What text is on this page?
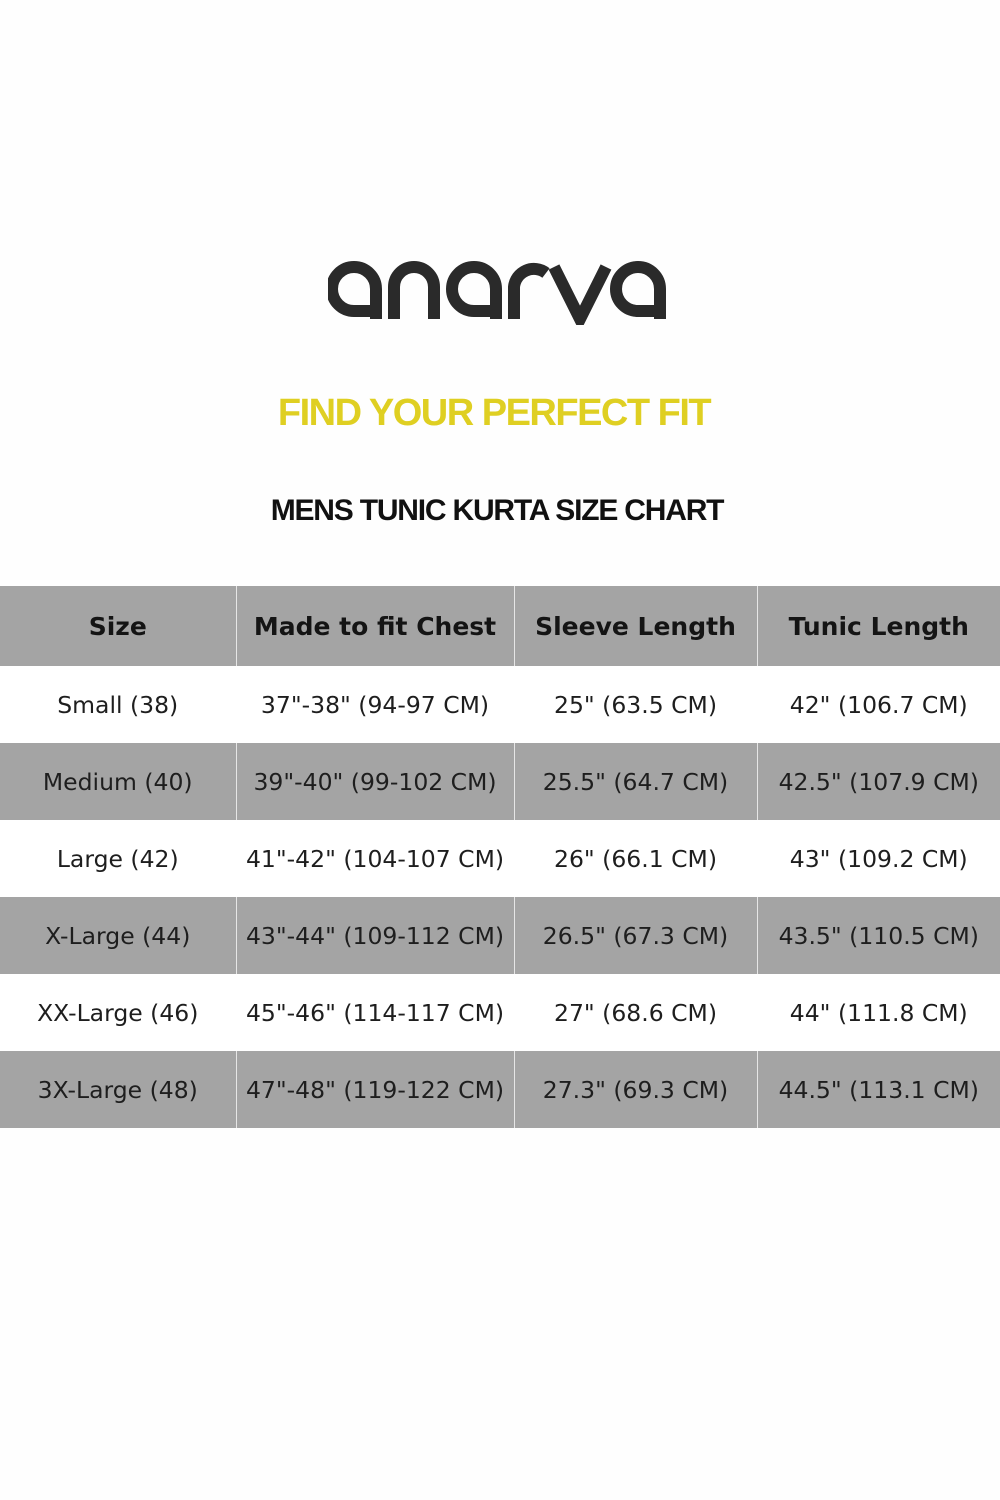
FIND YOUR PERFECT FIT
MENS TUNIC KURTA SIZE CHART
Size	Made to fit Chest	Sleeve Length	Tunic Length
Small (38)	37"-38" (94-97 CM)	25" (63.5 CM)	42" (106.7 CM)
Medium (40)	39"-40" (99-102 CM)	25.5" (64.7 CM)	42.5" (107.9 CM)
Large (42)	41"-42" (104-107 CM)	26" (66.1 CM)	43" (109.2 CM)
X-Large (44)	43"-44" (109-112 CM)	26.5" (67.3 CM)	43.5" (110.5 CM)
XX-Large (46)	45"-46" (114-117 CM)	27" (68.6 CM)	44" (111.8 CM)
3X-Large (48)	47"-48" (119-122 CM)	27.3" (69.3 CM)	44.5" (113.1 CM)
